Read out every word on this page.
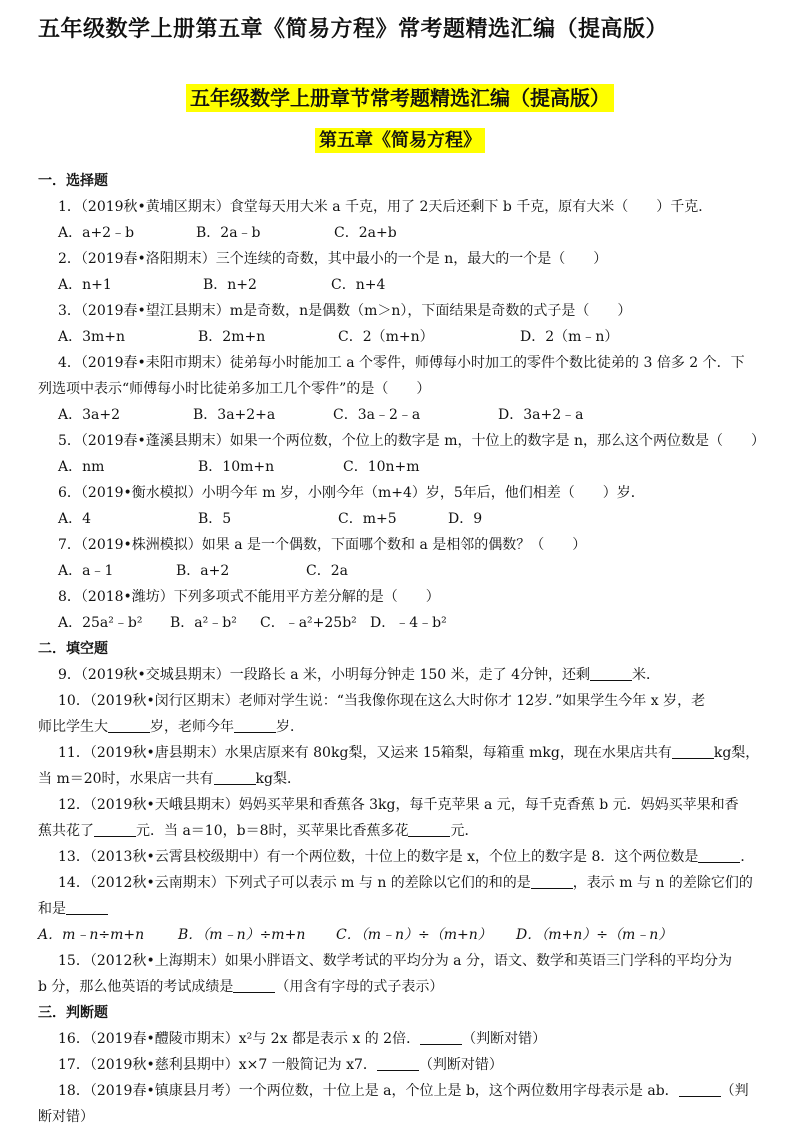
五年级数学上册第五章《简易方程》常考题精选汇编（提高版）
五年级数学上册章节常考题精选汇编（提高版）
第五章《简易方程》
一．选择题
1．（2019秋•黄埔区期末）食堂每天用大米 a 千克，用了 2天后还剩下 b 千克，原有大米（　　）千克．
A．a+2﹣b	B．2a﹣b	C．2a+b
2．（2019春•洛阳期末）三个连续的奇数，其中最小的一个是 n，最大的一个是（　　）
A．n+1	B．n+2	C．n+4
3．（2019春•望江县期末）m是奇数，n是偶数（m＞n），下面结果是奇数的式子是（　　）
A．3m+n	B．2m+n	C．2（m+n）	D．2（m﹣n）
4．（2019春•耒阳市期末）徒弟每小时能加工 a 个零件，师傅每小时加工的零件个数比徒弟的 3 倍多 2 个．下
列选项中表示“师傅每小时比徒弟多加工几个零件”的是（　　）
A．3a+2	B．3a+2+a	C．3a﹣2﹣a	D．3a+2﹣a
5．（2019春•蓬溪县期末）如果一个两位数，个位上的数字是 m，十位上的数字是 n，那么这个两位数是（　　）
A．nm	B．10m+n	C．10n+m
6．（2019•衡水模拟）小明今年 m 岁，小刚今年（m+4）岁，5年后，他们相差（　　）岁．
A．4	B．5	C．m+5	D．9
7．（2019•株洲模拟）如果 a 是一个偶数，下面哪个数和 a 是相邻的偶数？（　　）
A．a﹣1	B．a+2	C．2a
8．（2018•潍坊）下列多项式不能用平方差分解的是（　　）
A．25a²﹣b²	B．a²﹣b²	C．﹣a²+25b² D．﹣4﹣b²
二．填空题
9．（2019秋•交城县期末）一段路长 a 米，小明每分钟走 150 米，走了 4分钟，还剩	米．
10．（2019秋•闵行区期末）老师对学生说：“当我像你现在这么大时你才 12岁．”如果学生今年 x 岁，老
师比学生大	岁，老师今年	岁．
11．（2019秋•唐县期末）水果店原来有 80kg梨，又运来 15箱梨，每箱重 mkg，现在水果店共有	kg梨，
当 m＝20时，水果店一共有	kg梨．
12．（2019秋•天峨县期末）妈妈买苹果和香蕉各 3kg，每千克苹果 a 元，每千克香蕉 b 元．妈妈买苹果和香
蕉共花了	元．当 a＝10，b＝8时，买苹果比香蕉多花	元．
13．（2013秋•云霄县校级期中）有一个两位数，十位上的数字是 x，个位上的数字是 8．这个两位数是	．
14．（2012秋•云南期末）下列式子可以表示 m 与 n 的差除以它们的和的是	，表示 m 与 n 的差除它们的
和是
A．m﹣n÷m+n	B．（m﹣n）÷m+n	C．（m﹣n）÷（m+n）	D．（m+n）÷（m﹣n）
15．（2012秋•上海期末）如果小胖语文、数学考试的平均分为 a 分，语文、数学和英语三门学科的平均分为
b 分，那么他英语的考试成绩是	（用含有字母的式子表示）
三．判断题
16．（2019春•醴陵市期末）x²与 2x 都是表示 x 的 2倍．	（判断对错）
17．（2019秋•慈利县期中）x×7 一般简记为 x7．	（判断对错）
18．（2019春•镇康县月考）一个两位数，十位上是 a，个位上是 b，这个两位数用字母表示是 ab．	（判
断对错）
